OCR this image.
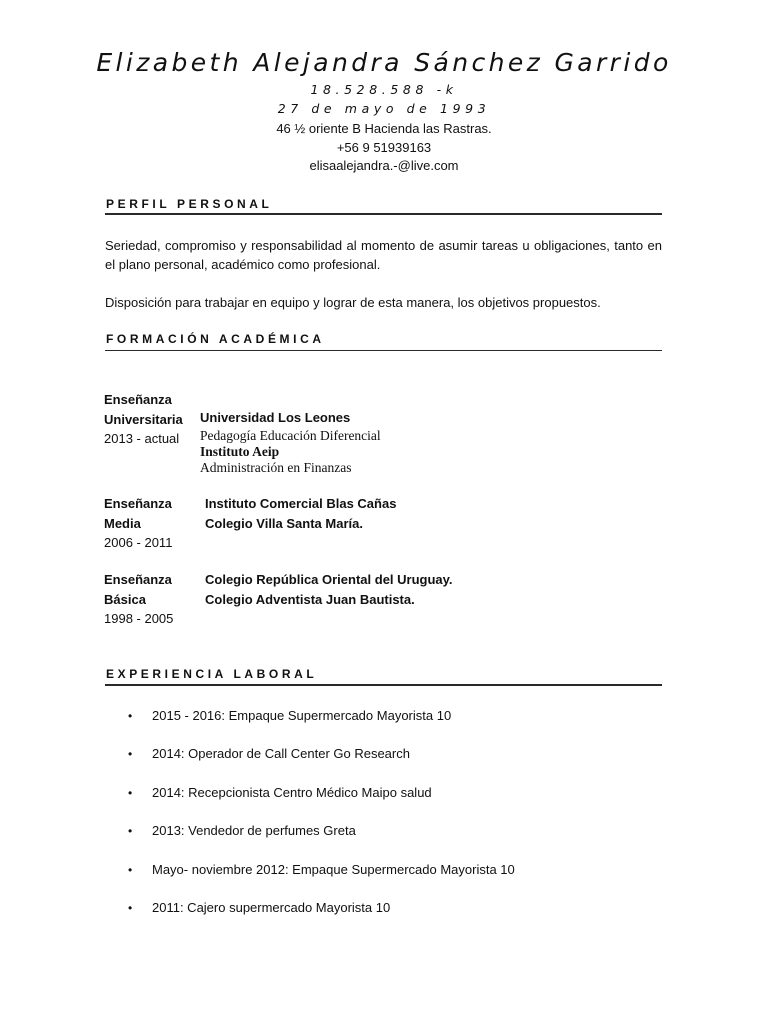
Elizabeth Alejandra Sánchez Garrido
18.528.588 -k
27 de mayo de 1993
46 ½ oriente B Hacienda las Rastras.
+56 9 51939163
elisaalejandra.-@live.com
PERFIL PERSONAL
Seriedad, compromiso y responsabilidad al momento de asumir tareas u obligaciones, tanto en el plano personal, académico como profesional.
Disposición para trabajar en equipo y lograr de esta manera, los objetivos propuestos.
FORMACIÓN ACADÉMICA
Enseñanza
Universitaria
2013 - actual
Universidad Los Leones
Pedagogía Educación Diferencial
Instituto Aeip
Administración en Finanzas
Enseñanza
Media
2006 - 2011
Instituto Comercial Blas Cañas
Colegio Villa Santa María.
Enseñanza
Básica
1998 - 2005
Colegio República Oriental del Uruguay.
Colegio Adventista Juan Bautista.
EXPERIENCIA LABORAL
• 2015 - 2016: Empaque Supermercado Mayorista 10
• 2014: Operador de Call Center Go Research
• 2014: Recepcionista Centro Médico Maipo salud
• 2013: Vendedor de perfumes Greta
• Mayo- noviembre 2012: Empaque Supermercado Mayorista 10
• 2011: Cajero supermercado Mayorista 10
